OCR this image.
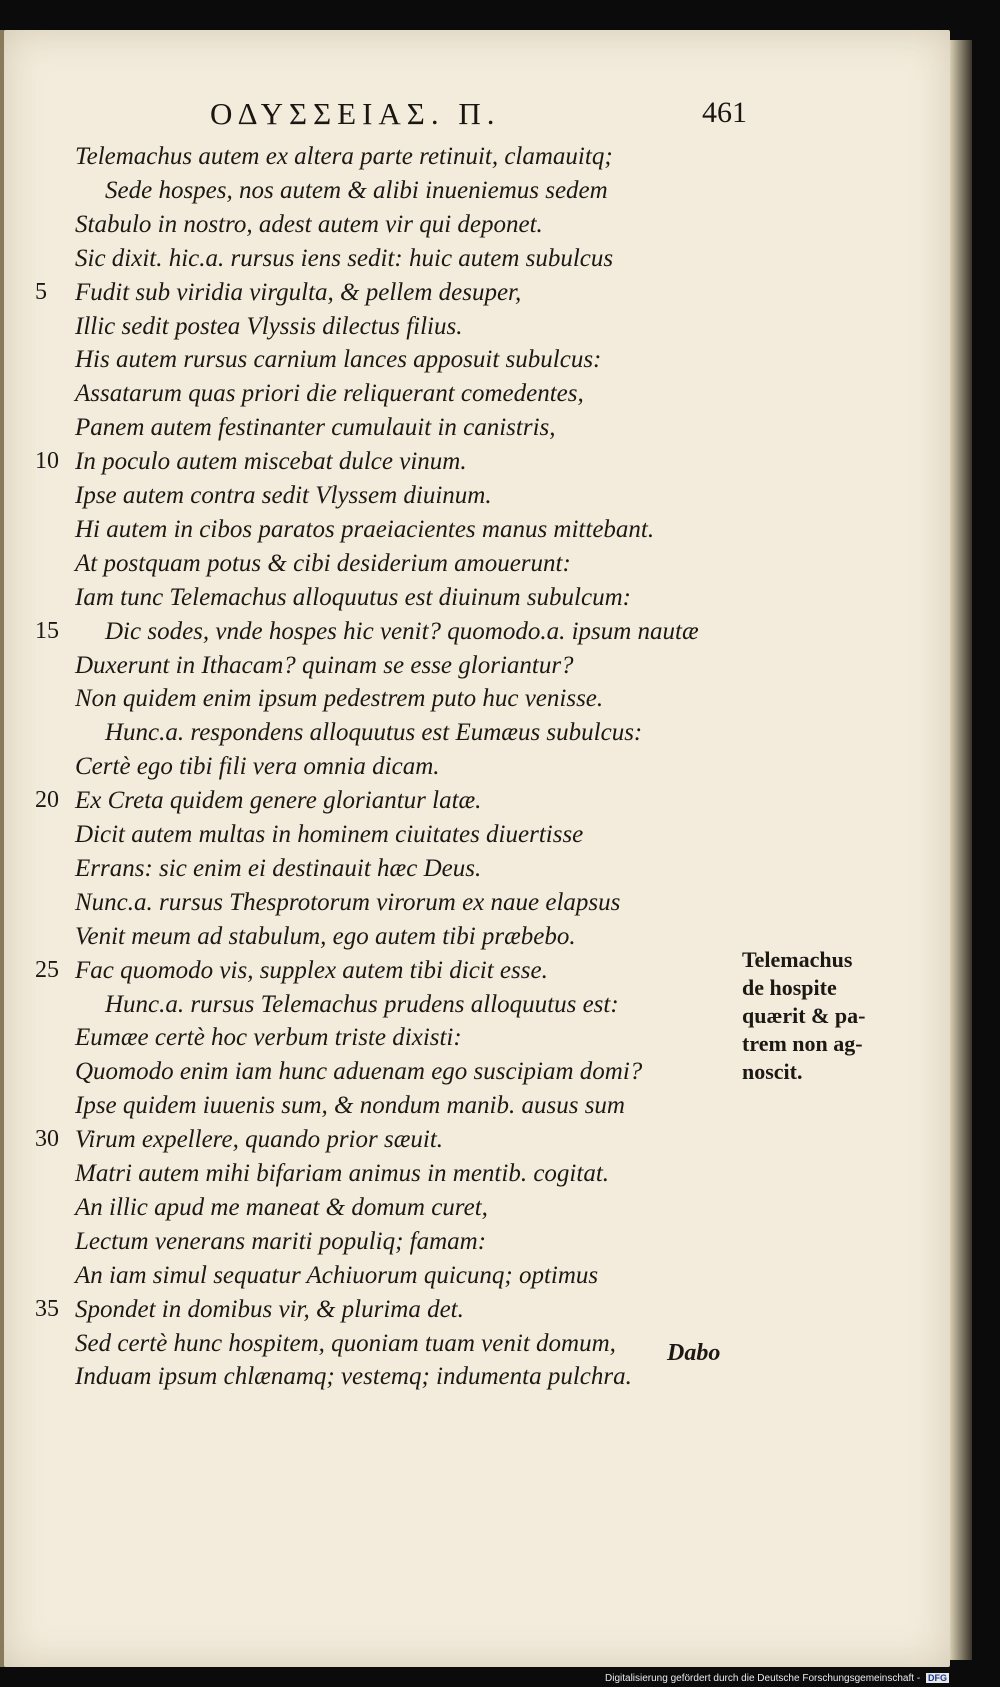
ΟΔΥΣΣΕΙΑΣ. Π.	461
Telemachus autem ex altera parte retinuit, clamauitq;
Sede hospes, nos autem & alibi inueniemus sedem
Stabulo in nostro, adest autem vir qui deponet.
Sic dixit. hic.a. rursus iens sedit: huic autem subulcus
5 Fudit sub viridia virgulta, & pellem desuper,
Illic sedit postea Vlyssis dilectus filius.
His autem rursus carnium lances apposuit subulcus:
Assatarum quas priori die reliquerant comedentes,
Panem autem festinanter cumulauit in canistris,
10 In poculo autem miscebat dulce vinum.
Ipse autem contra sedit Vlyssem diuinum.
Hi autem in cibos paratos praeiacientes manus mittebant.
At postquam potus & cibi desiderium amouerunt:
Iam tunc Telemachus alloquutus est diuinum subulcum:
15 Dic sodes, vnde hospes hic venit? quomodo.a. ipsum nautæ
Duxerunt in Ithacam? quinam se esse gloriantur?
Non quidem enim ipsum pedestrem puto huc venisse.
Hunc.a. respondens alloquutus est Eumæus subulcus:
Certè ego tibi fili vera omnia dicam.
20 Ex Creta quidem genere gloriantur latæ.
Dicit autem multas in hominem ciuitates diuertisse
Errans: sic enim ei destinauit hæc Deus.
Nunc.a. rursus Thesprotorum virorum ex naue elapsus
Venit meum ad stabulum, ego autem tibi præbebo.
25 Fac quomodo vis, supplex autem tibi dicit esse.
Hunc.a. rursus Telemachus prudens alloquutus est:
Eumæe certè hoc verbum triste dixisti:
Quomodo enim iam hunc aduenam ego suscipiam domi?
Ipse quidem iuuenis sum, & nondum manib. ausus sum
30 Virum expellere, quando prior sæuit.
Matri autem mihi bifariam animus in mentib. cogitat.
An illic apud me maneat & domum curet,
Lectum venerans mariti populiq; famam:
An iam simul sequatur Achiuorum quicunq; optimus
35 Spondet in domibus vir, & plurima det.
Sed certè hunc hospitem, quoniam tuam venit domum,
Induam ipsum chlænamq; vestemq; indumenta pulchra.
Dabo
Telemachus
de hospite
quærit & pa-
trem non ag-
noscit.
Digitalisierung gefördert durch die Deutsche Forschungsgemeinschaft - DFG
